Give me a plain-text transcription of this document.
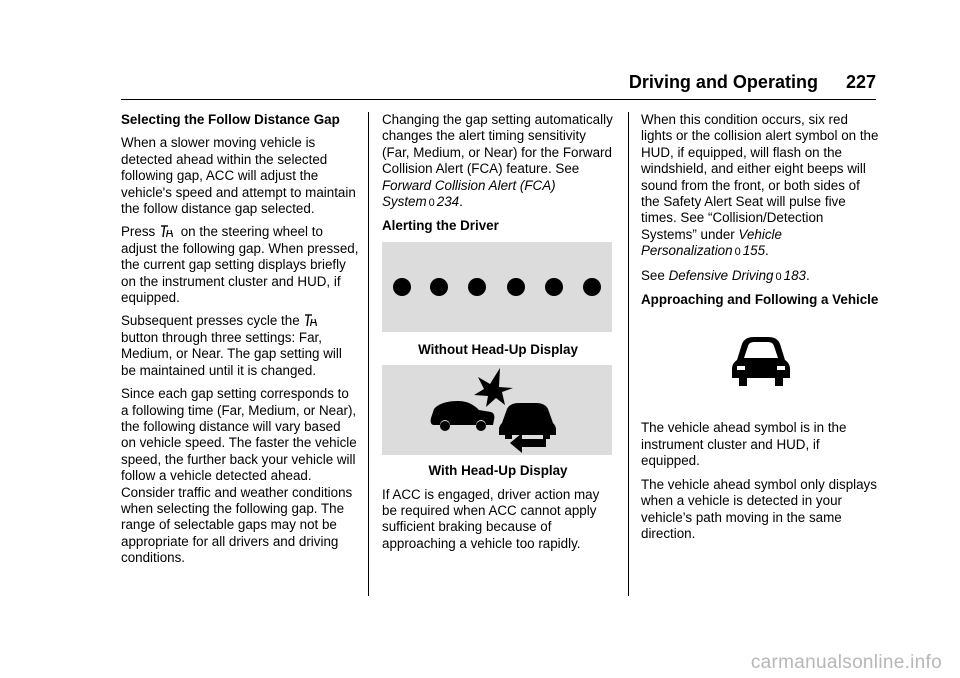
Driving and Operating 227

Selecting the Follow Distance Gap

When a slower moving vehicle is detected ahead within the selected following gap, ACC will adjust the vehicle's speed and attempt to maintain the follow distance gap selected.

Press on the steering wheel to adjust the following gap. When pressed, the current gap setting displays briefly on the instrument cluster and HUD, if equipped.

Subsequent presses cycle the  button through three settings: Far, Medium, or Near. The gap setting will be maintained until it is changed.

Since each gap setting corresponds to a following time (Far, Medium, or Near), the following distance will vary based on vehicle speed. The faster the vehicle speed, the further back your vehicle will follow a vehicle detected ahead. Consider traffic and weather conditions when selecting the following gap. The range of selectable gaps may not be appropriate for all drivers and driving conditions.

Changing the gap setting automatically changes the alert timing sensitivity (Far, Medium, or Near) for the Forward Collision Alert (FCA) feature. See Forward Collision Alert (FCA) System 0 234.

Alerting the Driver

Without Head-Up Display

With Head-Up Display

If ACC is engaged, driver action may be required when ACC cannot apply sufficient braking because of approaching a vehicle too rapidly.

When this condition occurs, six red lights or the collision alert symbol on the HUD, if equipped, will flash on the windshield, and either eight beeps will sound from the front, or both sides of the Safety Alert Seat will pulse five times. See “Collision/Detection Systems” under Vehicle Personalization 0 155.

See Defensive Driving 0 183.

Approaching and Following a Vehicle

The vehicle ahead symbol is in the instrument cluster and HUD, if equipped.

The vehicle ahead symbol only displays when a vehicle is detected in your vehicle’s path moving in the same direction.

carmanualsonline.info
